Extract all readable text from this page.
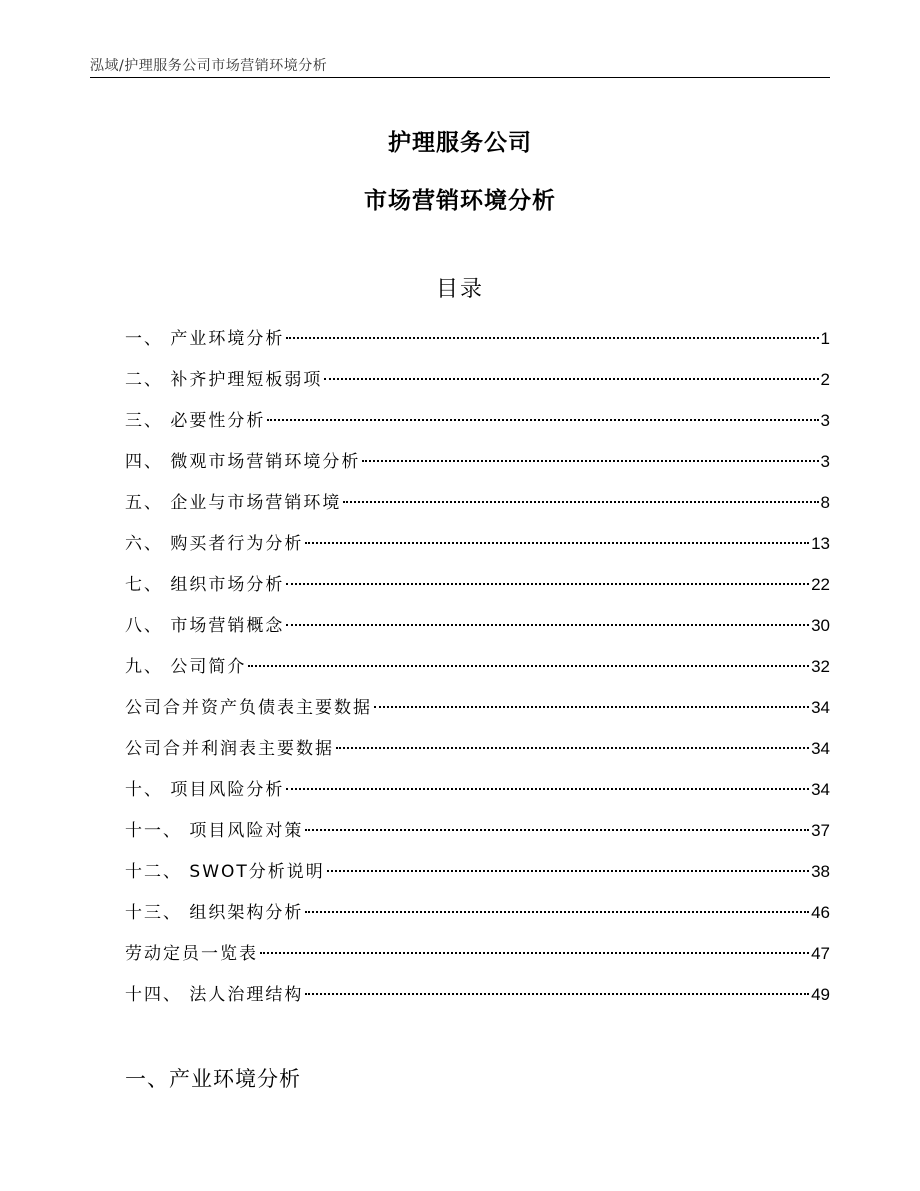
泓域/护理服务公司市场营销环境分析
护理服务公司
市场营销环境分析
目录
一、 产业环境分析	1
二、 补齐护理短板弱项	2
三、 必要性分析	3
四、 微观市场营销环境分析	3
五、 企业与市场营销环境	8
六、 购买者行为分析	13
七、 组织市场分析	22
八、 市场营销概念	30
九、 公司简介	32
公司合并资产负债表主要数据	34
公司合并利润表主要数据	34
十、 项目风险分析	34
十一、 项目风险对策	37
十二、 SWOT分析说明	38
十三、 组织架构分析	46
劳动定员一览表	47
十四、 法人治理结构	49
一、产业环境分析
